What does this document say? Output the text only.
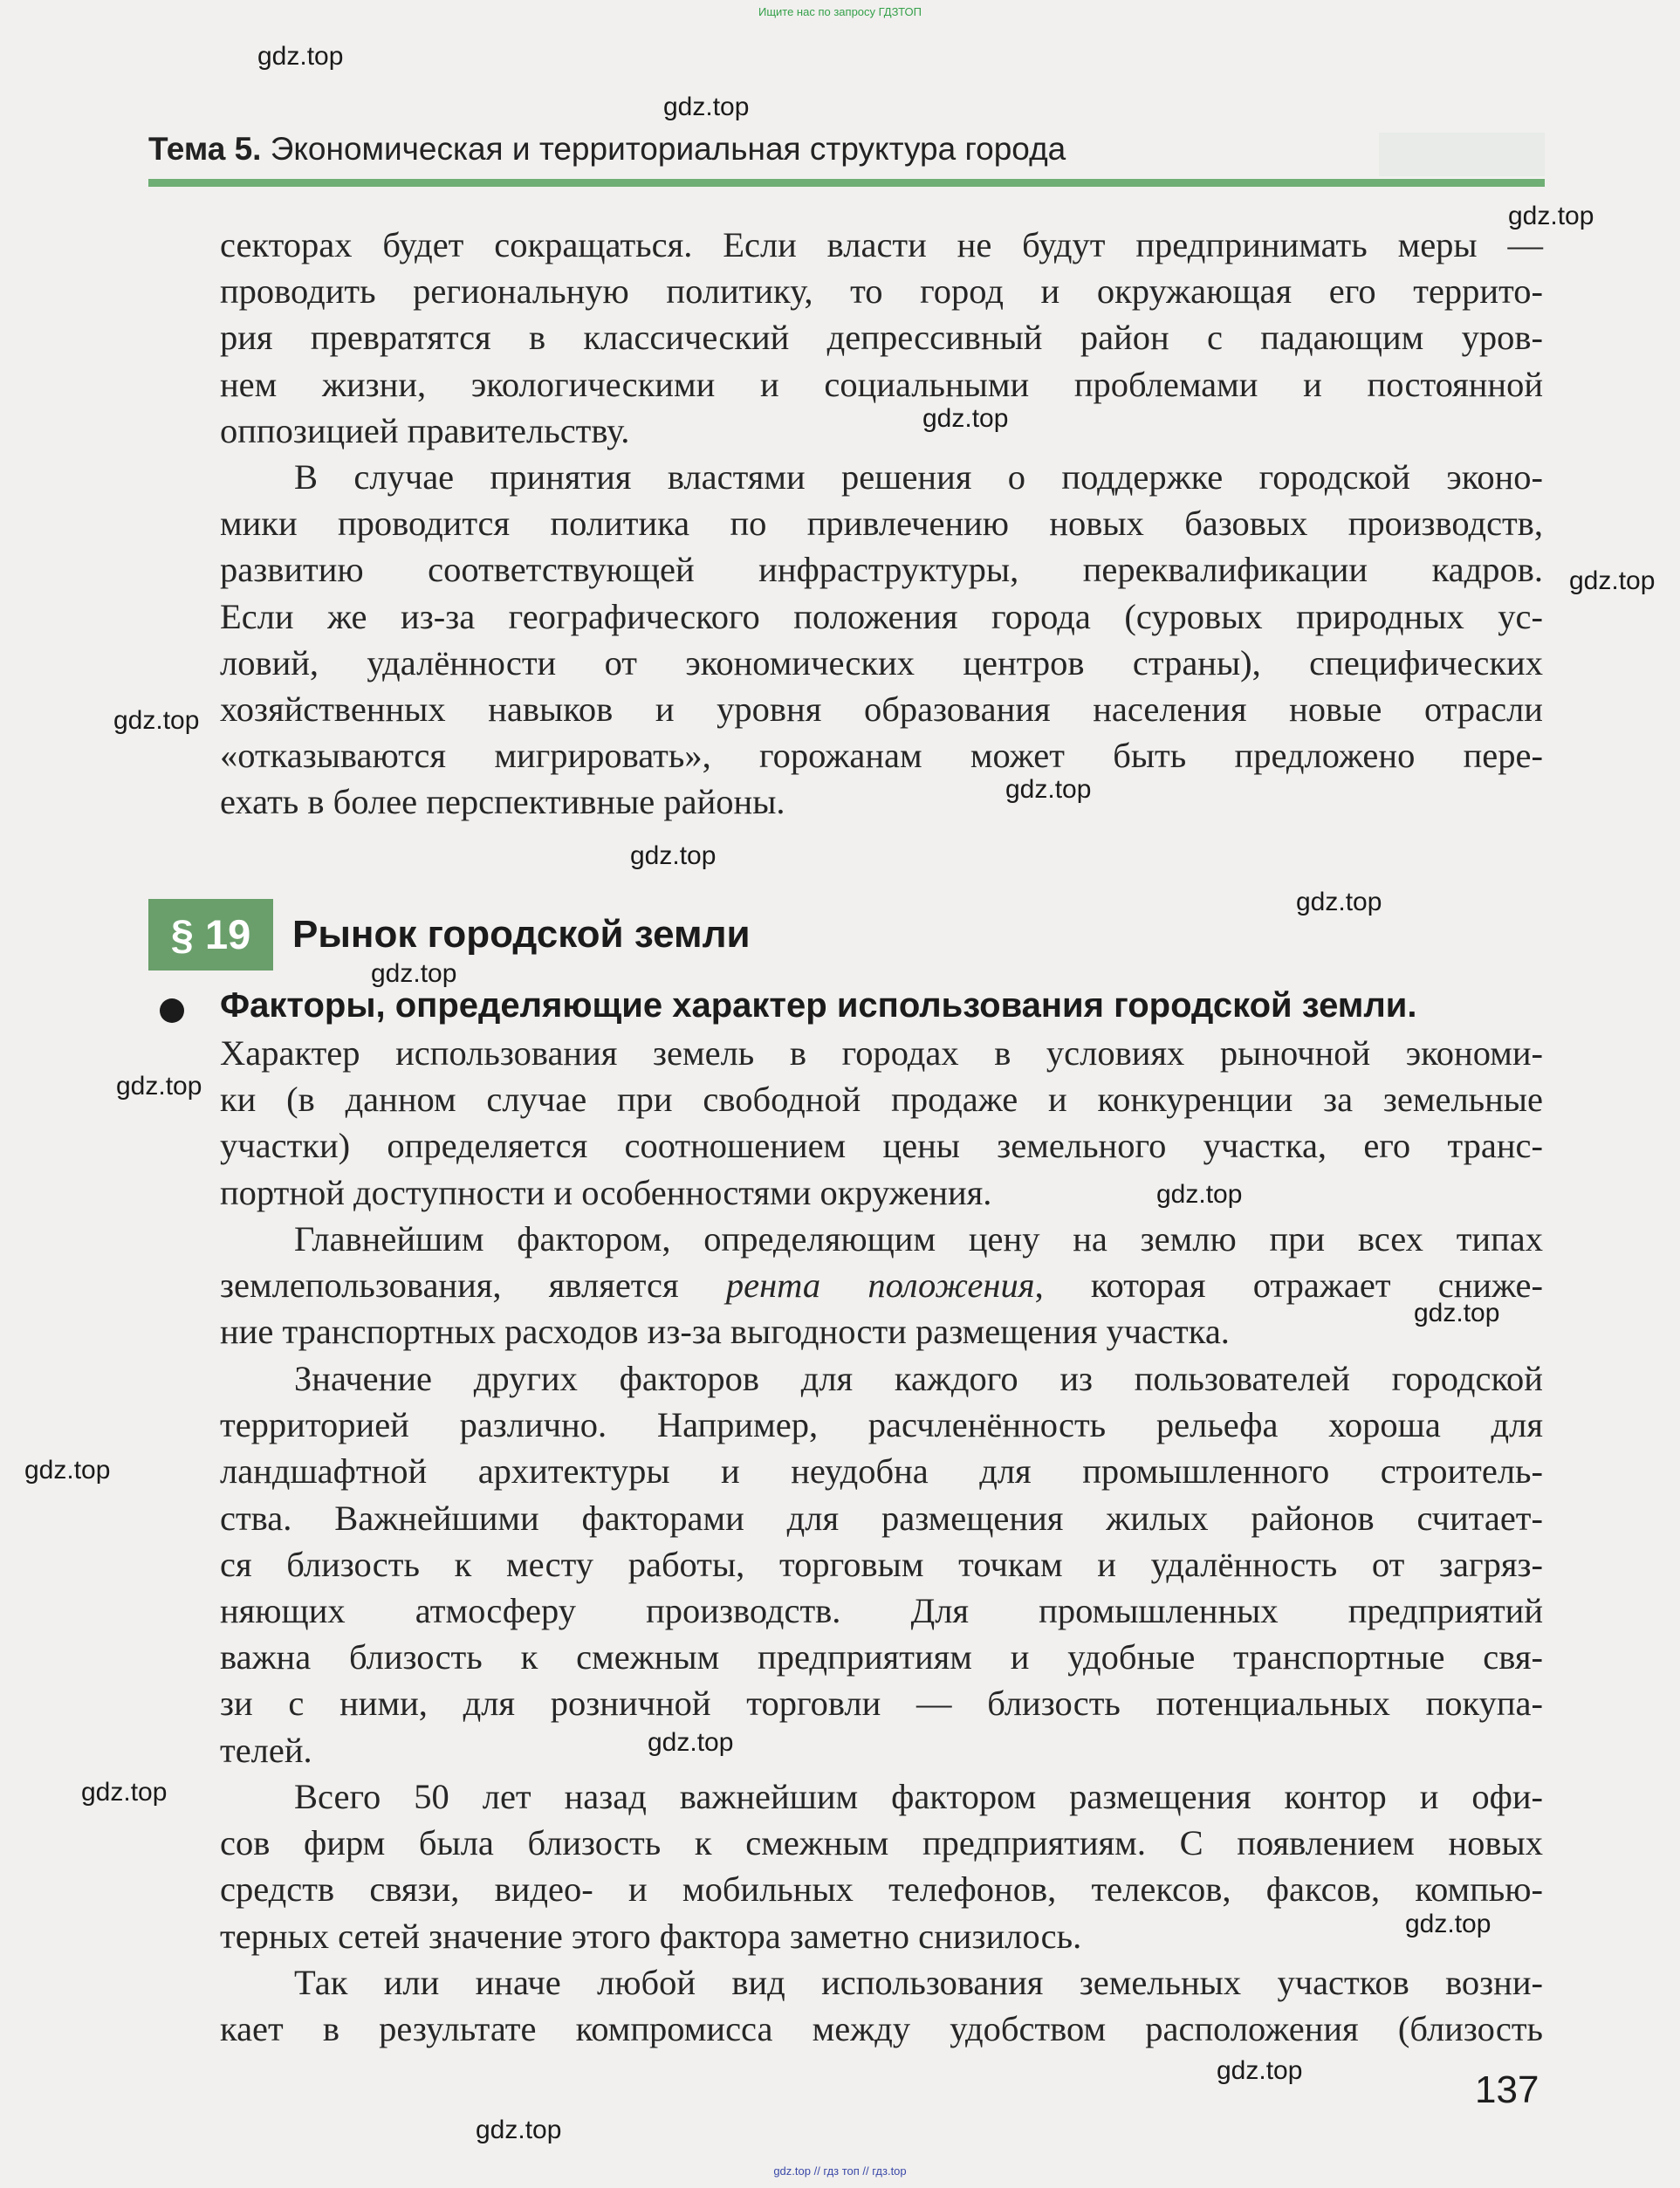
Ищите нас по запросу ГДЗТОП
Тема 5. Экономическая и территориальная структура города
секторах будет сокращаться. Если власти не будут предпринимать меры —
проводить региональную политику, то город и окружающая его террито-
рия превратятся в классический депрессивный район с падающим уров-
нем жизни, экологическими и социальными проблемами и постоянной
оппозицией правительству.
В случае принятия властями решения о поддержке городской эконо-
мики проводится политика по привлечению новых базовых производств,
развитию соответствующей инфраструктуры, переквалификации кадров.
Если же из-за географического положения города (суровых природных ус-
ловий, удалённости от экономических центров страны), специфических
хозяйственных навыков и уровня образования населения новые отрасли
«отказываются мигрировать», горожанам может быть предложено пере-
ехать в более перспективные районы.
§ 19	Рынок городской земли
Факторы, определяющие характер использования городской земли.
Характер использования земель в городах в условиях рыночной экономи-
ки (в данном случае при свободной продаже и конкуренции за земельные
участки) определяется соотношением цены земельного участка, его транс-
портной доступности и особенностями окружения.
Главнейшим фактором, определяющим цену на землю при всех типах
землепользования, является рента положения, которая отражает сниже-
ние транспортных расходов из-за выгодности размещения участка.
Значение других факторов для каждого из пользователей городской
территорией различно. Например, расчленённость рельефа хороша для
ландшафтной архитектуры и неудобна для промышленного строитель-
ства. Важнейшими факторами для размещения жилых районов считает-
ся близость к месту работы, торговым точкам и удалённость от загряз-
няющих атмосферу производств. Для промышленных предприятий
важна близость к смежным предприятиям и удобные транспортные свя-
зи с ними, для розничной торговли — близость потенциальных покупа-
телей.
Всего 50 лет назад важнейшим фактором размещения контор и офи-
сов фирм была близость к смежным предприятиям. С появлением новых
средств связи, видео- и мобильных телефонов, телексов, факсов, компью-
терных сетей значение этого фактора заметно снизилось.
Так или иначе любой вид использования земельных участков возни-
кает в результате компромисса между удобством расположения (близость
137
gdz.top
gdz.top
gdz.top
gdz.top
gdz.top
gdz.top
gdz.top
gdz.top
gdz.top
gdz.top
gdz.top
gdz.top
gdz.top
gdz.top
gdz.top
gdz.top
gdz.top
gdz.top
gdz.top
gdz.top // гдз топ // гдз.top
